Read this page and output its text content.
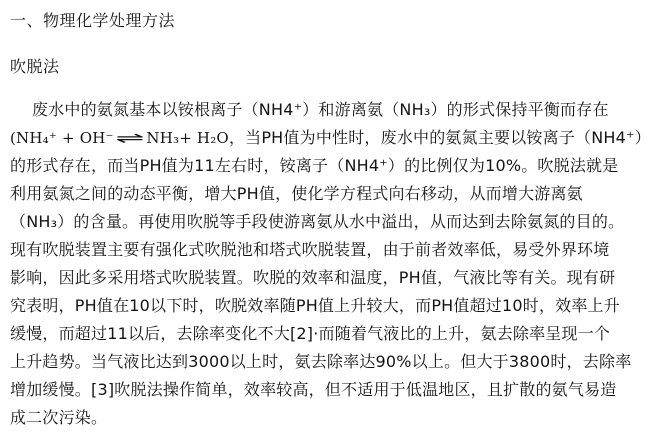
一、物理化学处理方法
吹脱法
废水中的氨氮基本以铵根离子（NH4⁺）和游离氨（NH₃）的形式保持平衡而存在
(NH₄⁺ + OH⁻ ⇌ NH₃+ H₂O，当PH值为中性时，废水中的氨氮主要以铵离子（NH4⁺）
的形式存在，而当PH值为11左右时，铵离子（NH4⁺）的比例仅为10%。吹脱法就是
利用氨氮之间的动态平衡，增大PH值，使化学方程式向右移动，从而增大游离氨
（NH₃）的含量。再使用吹脱等手段使游离氨从水中溢出，从而达到去除氨氮的目的。
现有吹脱装置主要有强化式吹脱池和塔式吹脱装置，由于前者效率低，易受外界环境
影响，因此多采用塔式吹脱装置。吹脱的效率和温度，PH值，气液比等有关。现有研
究表明，PH值在10以下时，吹脱效率随PH值上升较大，而PH值超过10时，效率上升
缓慢，而超过11以后，去除率变化不大[2]·而随着气液比的上升，氨去除率呈现一个
上升趋势。当气液比达到3000以上时，氨去除率达90%以上。但大于3800时，去除率
增加缓慢。[3]吹脱法操作简单，效率较高，但不适用于低温地区，且扩散的氨气易造
成二次污染。
